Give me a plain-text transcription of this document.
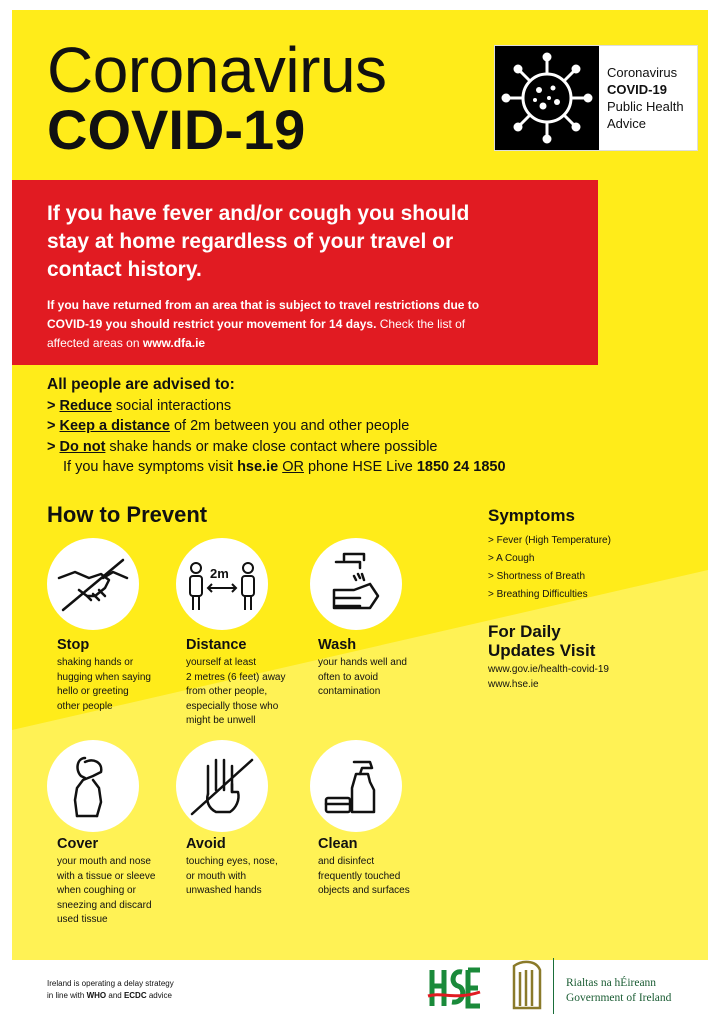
Coronavirus
COVID-19
Coronavirus
COVID-19
Public Health
Advice
If you have fever and/or cough you should
stay at home regardless of your travel or
contact history.
If you have returned from an area that is subject to travel restrictions due to
COVID-19 you should restrict your movement for 14 days. Check the list of
affected areas on www.dfa.ie
All people are advised to:
> Reduce social interactions
> Keep a distance of 2m between you and other people
> Do not shake hands or make close contact where possible
If you have symptoms visit hse.ie OR phone HSE Live 1850 24 1850
How to Prevent
2m
Stop
shaking hands or
hugging when saying
hello or greeting
other people
Distance
yourself at least
2 metres (6 feet) away
from other people,
especially those who
might be unwell
Wash
your hands well and
often to avoid
contamination
Cover
your mouth and nose
with a tissue or sleeve
when coughing or
sneezing and discard
used tissue
Avoid
touching eyes, nose,
or mouth with
unwashed hands
Clean
and disinfect
frequently touched
objects and surfaces
Symptoms
> Fever (High Temperature)
> A Cough
> Shortness of Breath
> Breathing Difficulties
For Daily
Updates Visit
www.gov.ie/health-covid-19
www.hse.ie
Ireland is operating a delay strategy
in line with WHO and ECDC advice
Rialtas na hÉireann
Government of Ireland
